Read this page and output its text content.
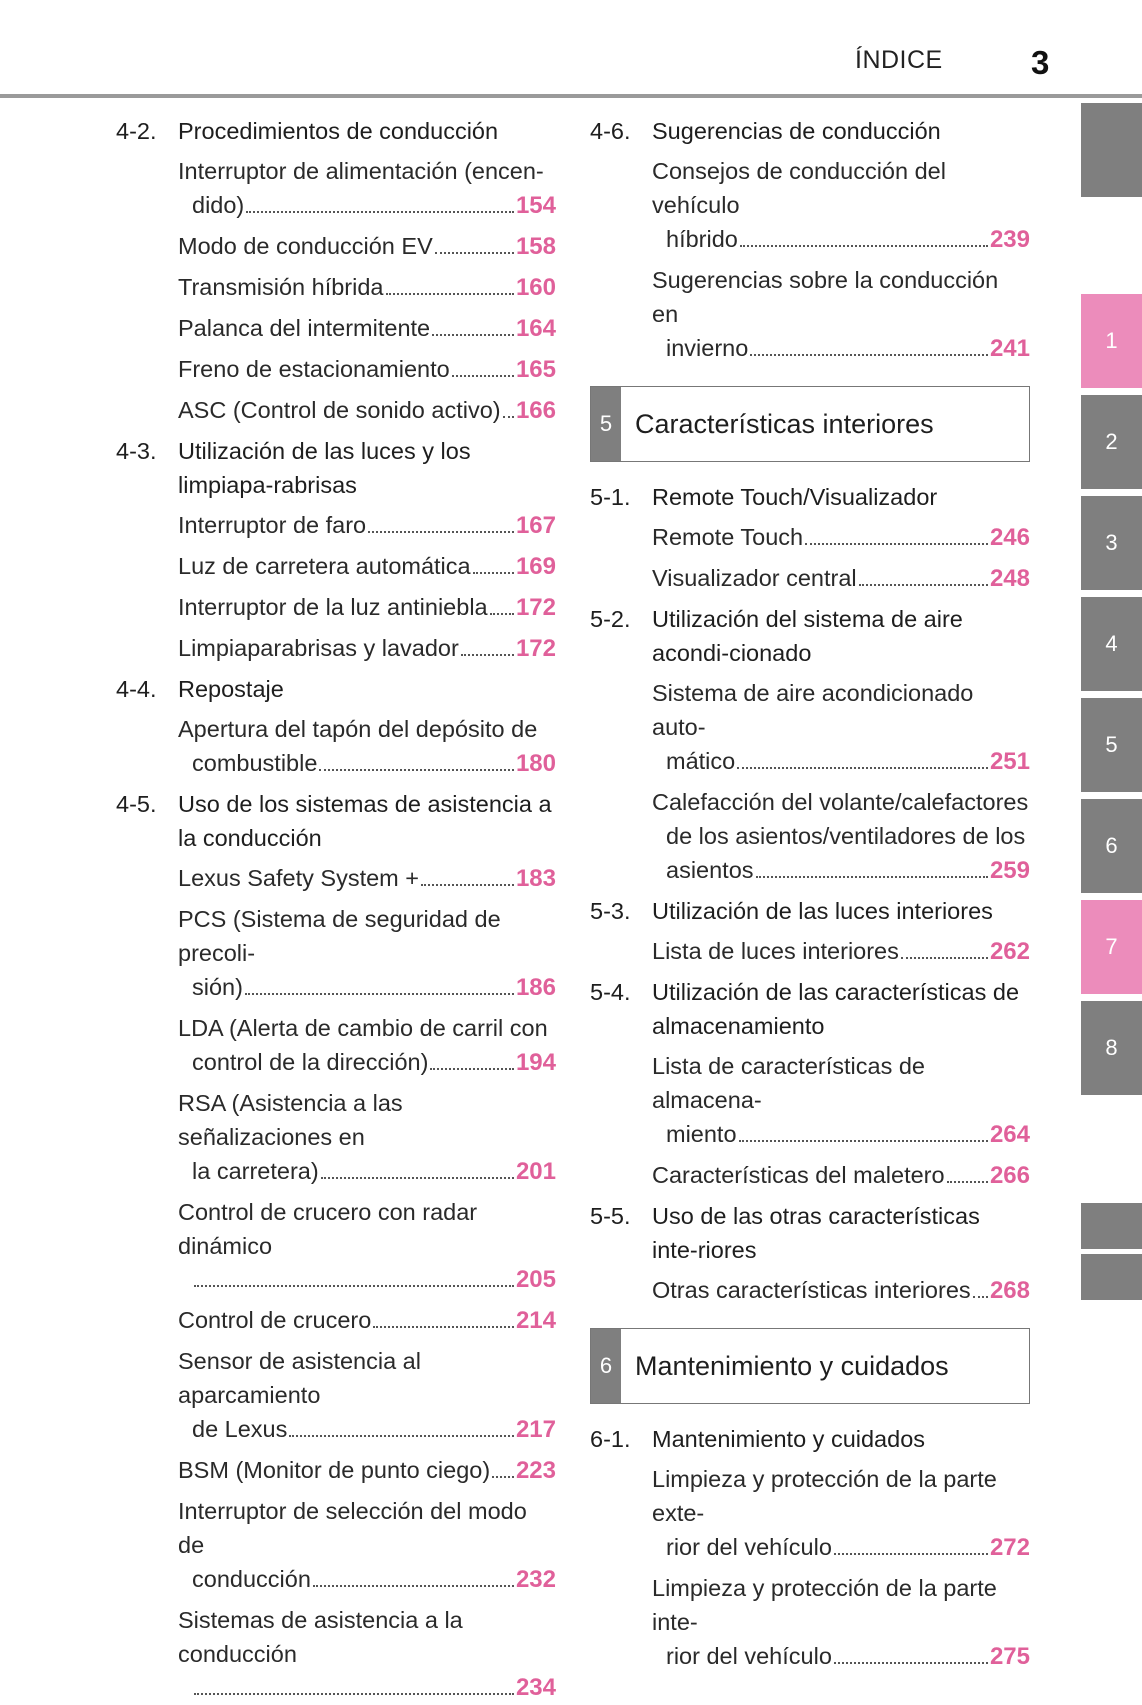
ÍNDICE	3
4-2. Procedimientos de conducción
Interruptor de alimentación (encen-
dido)	154
Modo de conducción EV	158
Transmisión híbrida	160
Palanca del intermitente	164
Freno de estacionamiento	165
ASC (Control de sonido activo) 166
4-3. Utilización de las luces y los limpiapa-rabrisas
Interruptor de faro	167
Luz de carretera automática 169
Interruptor de la luz antiniebla 172
Limpiaparabrisas y lavador 172
4-4. Repostaje
Apertura del tapón del depósito de
combustible	180
4-5. Uso de los sistemas de asistencia a la conducción
Lexus Safety System +	183
PCS (Sistema de seguridad de precoli-
sión)	186
LDA (Alerta de cambio de carril con
control de la dirección)	194
RSA (Asistencia a las señalizaciones en
la carretera)	201
Control de crucero con radar dinámico
205
Control de crucero	214
Sensor de asistencia al aparcamiento
de Lexus	217
BSM (Monitor de punto ciego) 223
Interruptor de selección del modo de
conducción	232
Sistemas de asistencia a la conducción
234
4-6. Sugerencias de conducción
Consejos de conducción del vehículo
híbrido	239
Sugerencias sobre la conducción en
invierno	241
5 Características interiores
5-1. Remote Touch/Visualizador
Remote Touch	246
Visualizador central	248
5-2. Utilización del sistema de aire acondi-cionado
Sistema de aire acondicionado auto-
mático	251
Calefacción del volante/calefactores
de los asientos/ventiladores de los
asientos	259
5-3. Utilización de las luces interiores
Lista de luces interiores	262
5-4. Utilización de las características de almacenamiento
Lista de características de almacena-
miento	264
Características del maletero 266
5-5. Uso de las otras características inte-riores
Otras características interiores 268
6 Mantenimiento y cuidados
6-1. Mantenimiento y cuidados
Limpieza y protección de la parte exte-
rior del vehículo	272
Limpieza y protección de la parte inte-
rior del vehículo	275
1
2
3
4
5
6
7
8
